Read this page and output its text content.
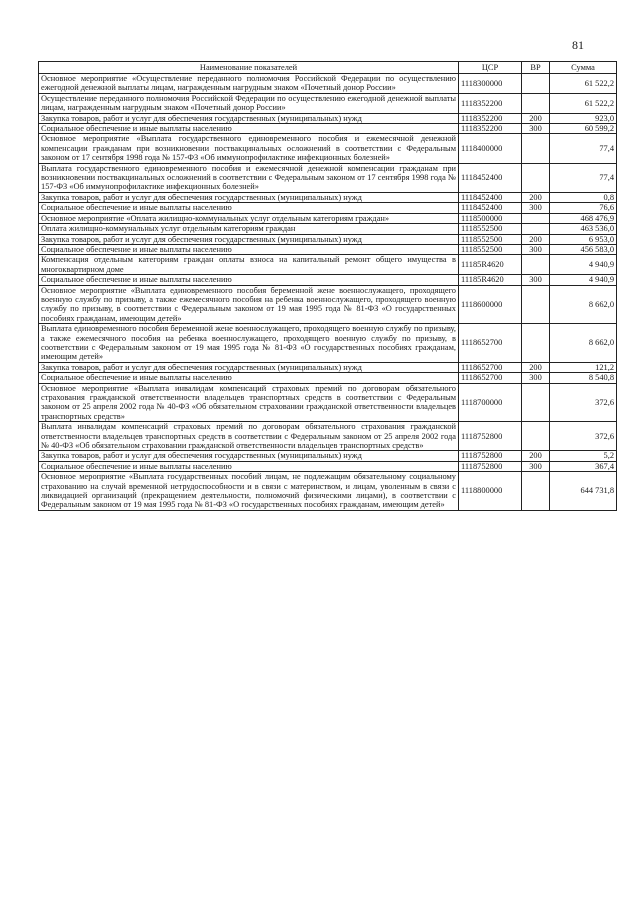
81
Наименование показателей	ЦСР	ВР	Сумма
Основное мероприятие «Осуществление переданного полномочия Российской Федерации по осуществлению ежегодной денежной выплаты лицам, награжденным нагрудным знаком «Почетный донор России»	1118300000		61 522,2
Осуществление переданного полномочия Российской Федерации по осуществлению ежегодной денежной выплаты лицам, награжденным нагрудным знаком «Почетный донор России»	1118352200		61 522,2
Закупка товаров, работ и услуг для обеспечения государственных (муниципальных) нужд	1118352200	200	923,0
Социальное обеспечение и иные выплаты населению	1118352200	300	60 599,2
Основное мероприятие «Выплата государственного единовременного пособия и ежемесячной денежной компенсации гражданам при возникновении поствакцинальных осложнений в соответствии с Федеральным законом от 17 сентября 1998 года № 157-ФЗ «Об иммунопрофилактике инфекционных болезней»	1118400000		77,4
Выплата государственного единовременного пособия и ежемесячной денежной компенсации гражданам при возникновении поствакцинальных осложнений в соответствии с Федеральным законом от 17 сентября 1998 года № 157-ФЗ «Об иммунопрофилактике инфекционных болезней»	1118452400		77,4
Закупка товаров, работ и услуг для обеспечения государственных (муниципальных) нужд	1118452400	200	0,8
Социальное обеспечение и иные выплаты населению	1118452400	300	76,6
Основное мероприятие «Оплата жилищно-коммунальных услуг отдельным категориям граждан»	1118500000		468 476,9
Оплата жилищно-коммунальных услуг отдельным категориям граждан	1118552500		463 536,0
Закупка товаров, работ и услуг для обеспечения государственных (муниципальных) нужд	1118552500	200	6 953,0
Социальное обеспечение и иные выплаты населению	1118552500	300	456 583,0
Компенсация отдельным категориям граждан оплаты взноса на капитальный ремонт общего имущества в многоквартирном доме	11185R4620		4 940,9
Социальное обеспечение и иные выплаты населению	11185R4620	300	4 940,9
Основное мероприятие «Выплата единовременного пособия беременной жене военнослужащего, проходящего военную службу по призыву, а также ежемесячного пособия на ребенка военнослужащего, проходящего военную службу по призыву, в соответствии с Федеральным законом от 19 мая 1995 года № 81-ФЗ «О государственных пособиях гражданам, имеющим детей»	1118600000		8 662,0
Выплата единовременного пособия беременной жене военнослужащего, проходящего военную службу по призыву, а также ежемесячного пособия на ребенка военнослужащего, проходящего военную службу по призыву, в соответствии с Федеральным законом от 19 мая 1995 года № 81-ФЗ «О государственных пособиях гражданам, имеющим детей»	1118652700		8 662,0
Закупка товаров, работ и услуг для обеспечения государственных (муниципальных) нужд	1118652700	200	121,2
Социальное обеспечение и иные выплаты населению	1118652700	300	8 540,8
Основное мероприятие «Выплата инвалидам компенсаций страховых премий по договорам обязательного страхования гражданской ответственности владельцев транспортных средств в соответствии с Федеральным законом от 25 апреля 2002 года № 40-ФЗ «Об обязательном страховании гражданской ответственности владельцев транспортных средств»	1118700000		372,6
Выплата инвалидам компенсаций страховых премий по договорам обязательного страхования гражданской ответственности владельцев транспортных средств в соответствии с Федеральным законом от 25 апреля 2002 года № 40-ФЗ «Об обязательном страховании гражданской ответственности владельцев транспортных средств»	1118752800		372,6
Закупка товаров, работ и услуг для обеспечения государственных (муниципальных) нужд	1118752800	200	5,2
Социальное обеспечение и иные выплаты населению	1118752800	300	367,4
Основное мероприятие «Выплата государственных пособий лицам, не подлежащим обязательному социальному страхованию на случай временной нетрудоспособности и в связи с материнством, и лицам, уволенным в связи с ликвидацией организаций (прекращением деятельности, полномочий физическими лицами), в соответствии с Федеральным законом от 19 мая 1995 года № 81-ФЗ «О государственных пособиях гражданам, имеющим детей»	1118800000		644 731,8
